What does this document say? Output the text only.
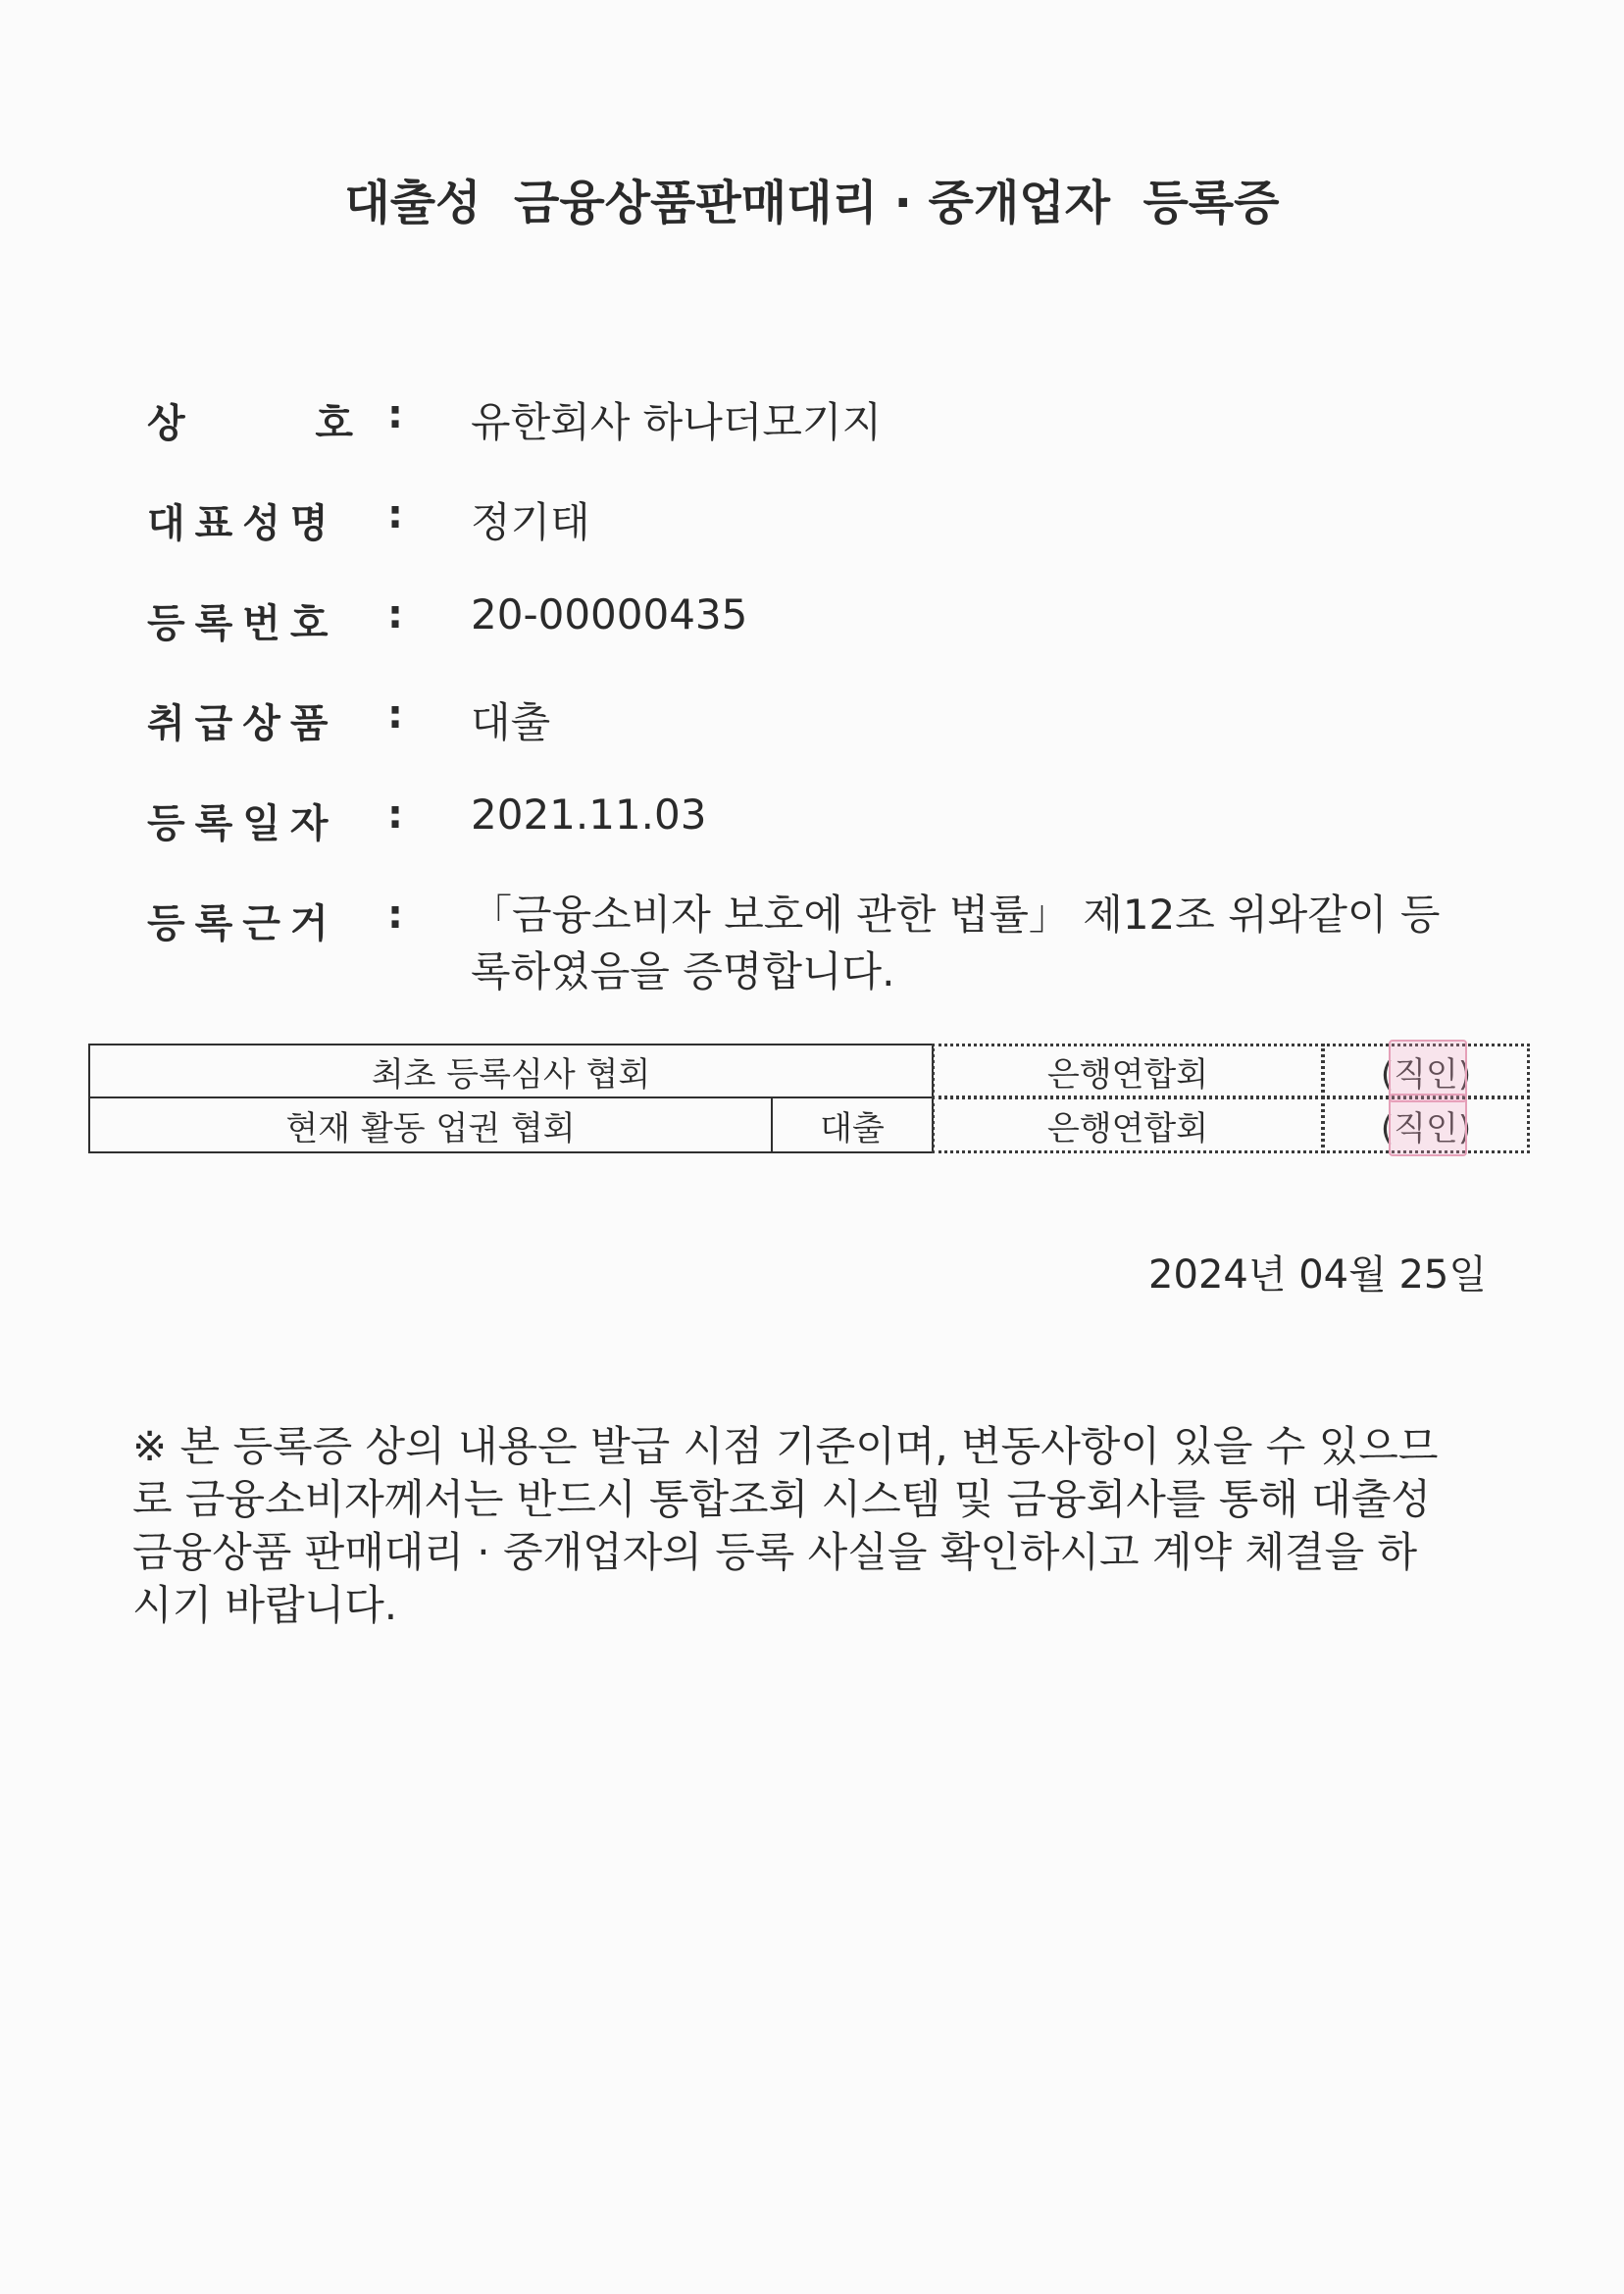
대출성  금융상품판매대리 · 중개업자  등록증
상	호 : 유한회사 하나더모기지
대표성명 : 정기태
등록번호 : 20-00000435
취급상품 : 대출
등록일자 : 2021.11.03
등록근거 : 「금융소비자 보호에 관한 법률」 제12조 위와같이 등
록하였음을 증명합니다.
최초 등록심사 협회	은행연합회	(직인)
현재 활동 업권 협회	대출	은행연합회	(직인)
2024년 04월 25일
※ 본 등록증 상의 내용은 발급 시점 기준이며, 변동사항이 있을 수 있으므
로 금융소비자께서는 반드시 통합조회 시스템 및 금융회사를 통해 대출성
금융상품 판매대리 · 중개업자의 등록 사실을 확인하시고 계약 체결을 하
시기 바랍니다.
